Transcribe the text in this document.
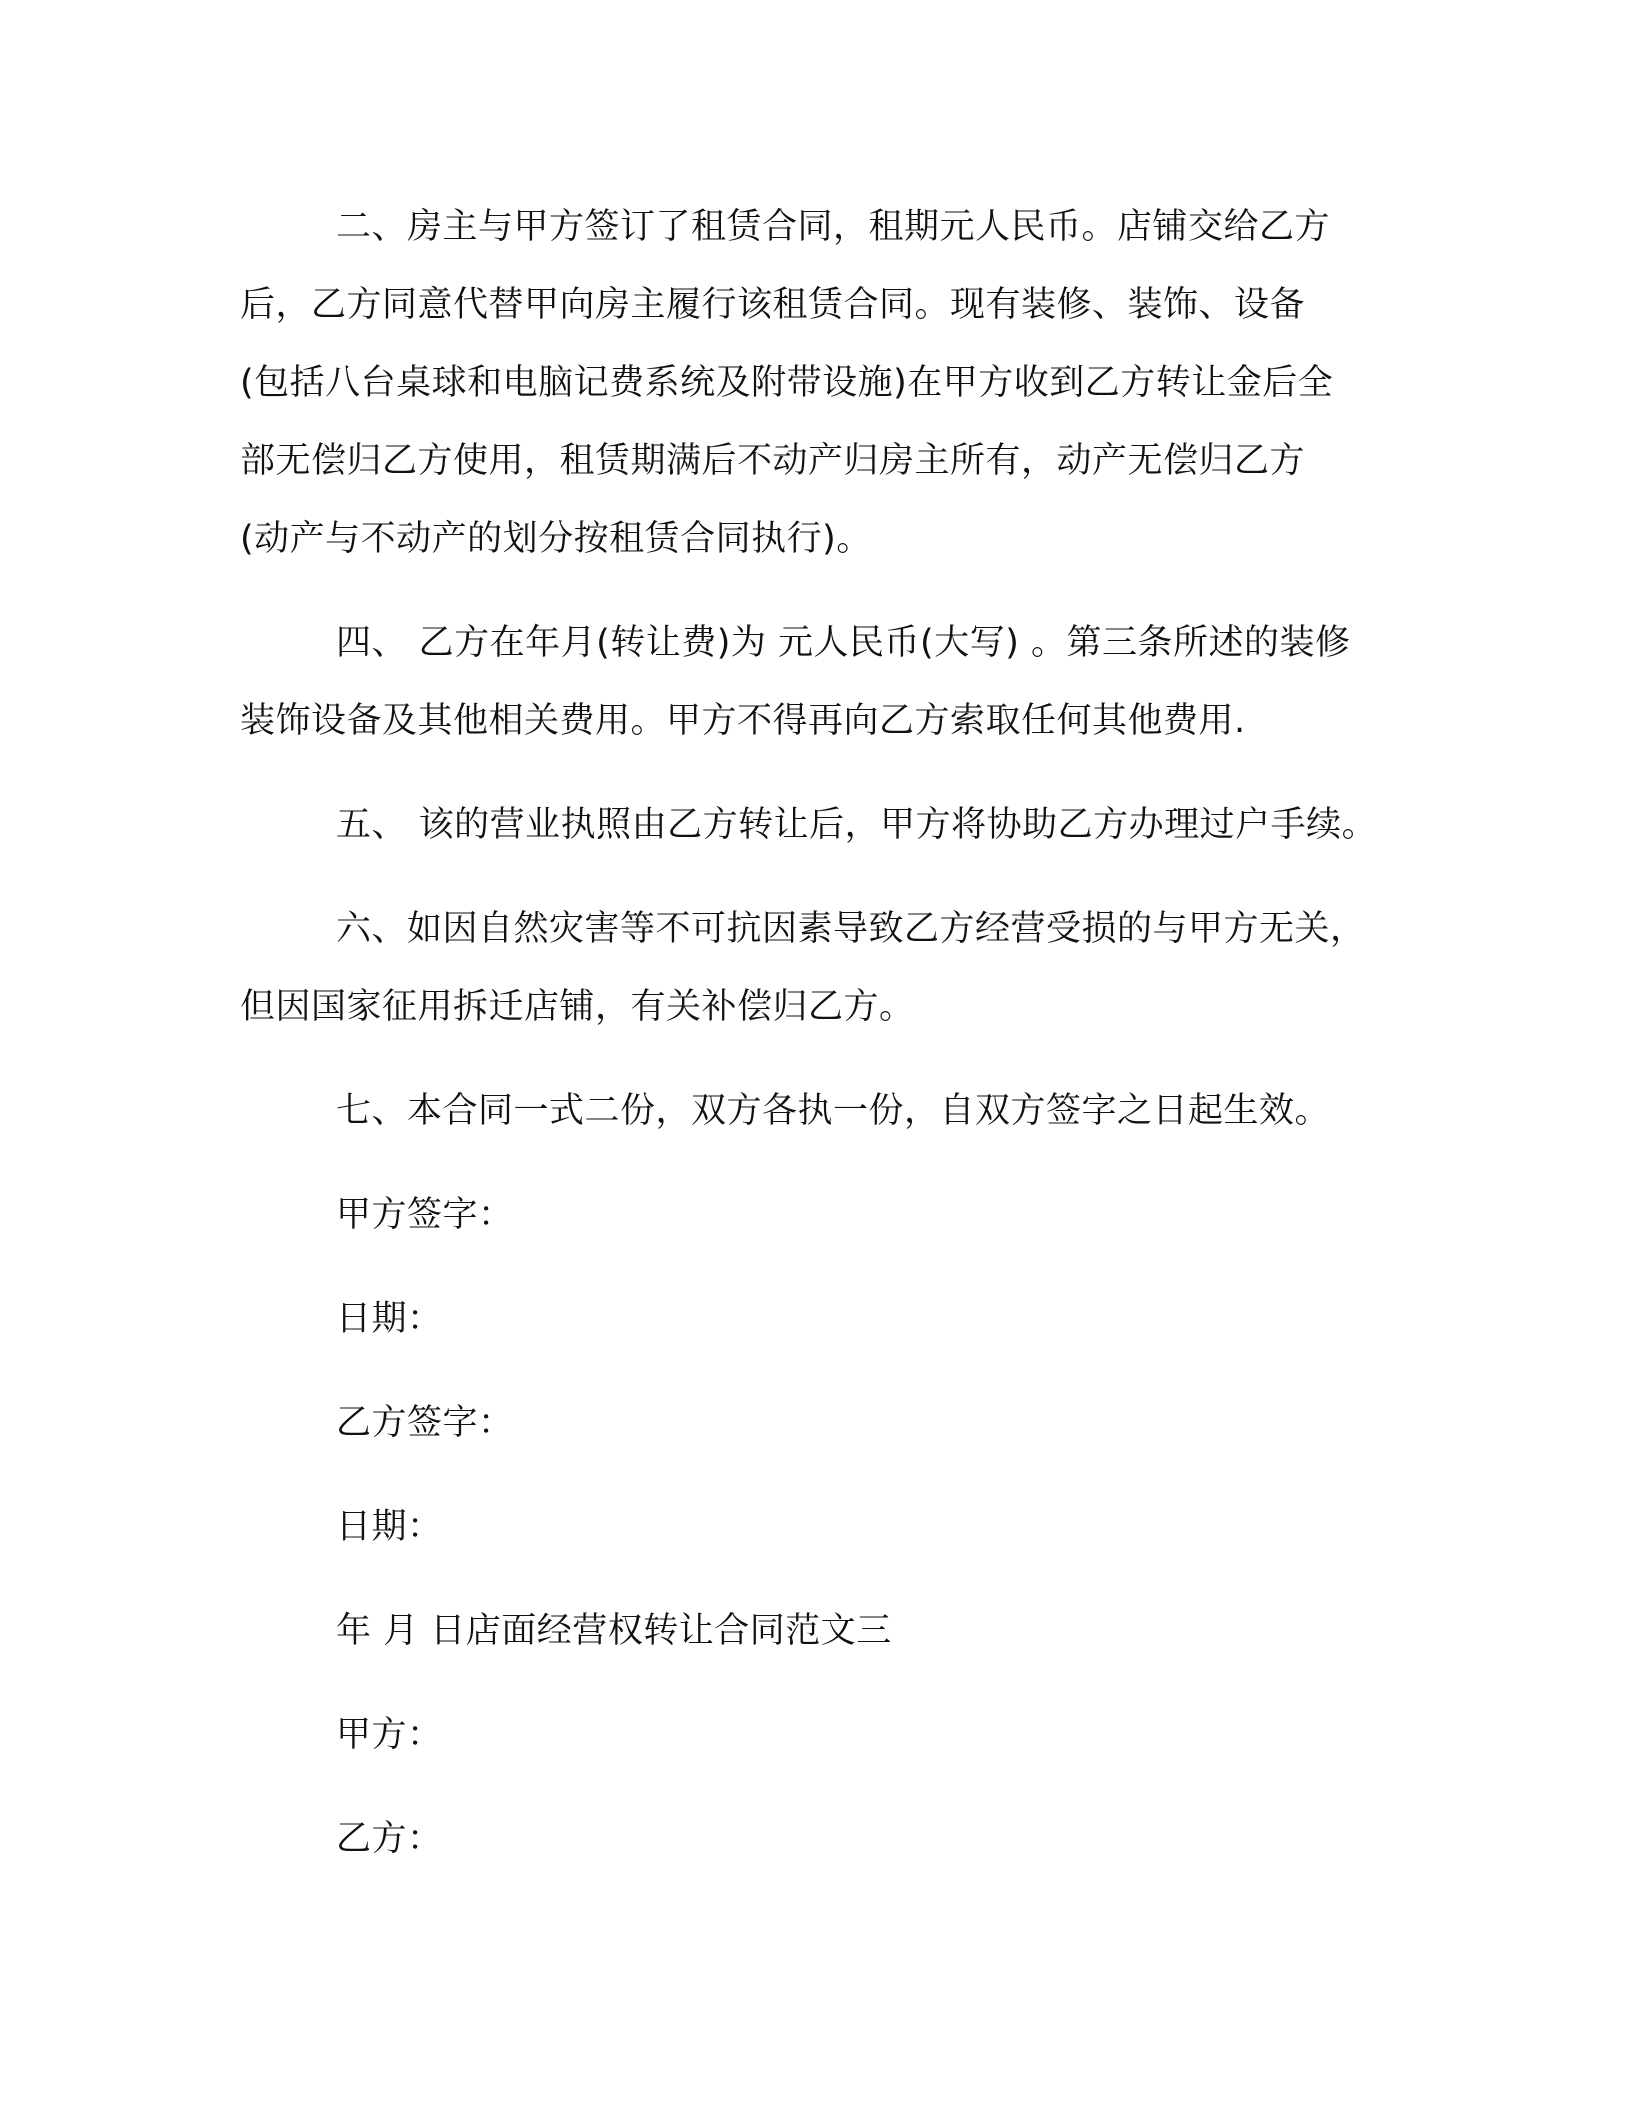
二、房主与甲方签订了租赁合同，租期元人民币。店铺交给乙方
后，乙方同意代替甲向房主履行该租赁合同。现有装修、装饰、设备
(包括八台桌球和电脑记费系统及附带设施)在甲方收到乙方转让金后全
部无偿归乙方使用，租赁期满后不动产归房主所有，动产无偿归乙方
(动产与不动产的划分按租赁合同执行)。
四、 乙方在年月(转让费)为 元人民币(大写) 。第三条所述的装修
装饰设备及其他相关费用。甲方不得再向乙方索取任何其他费用.
五、 该的营业执照由乙方转让后，甲方将协助乙方办理过户手续。
六、如因自然灾害等不可抗因素导致乙方经营受损的与甲方无关，
但因国家征用拆迁店铺，有关补偿归乙方。
七、本合同一式二份，双方各执一份，自双方签字之日起生效。
甲方签字：
日期：
乙方签字：
日期：
年 月 日店面经营权转让合同范文三
甲方：
乙方：
